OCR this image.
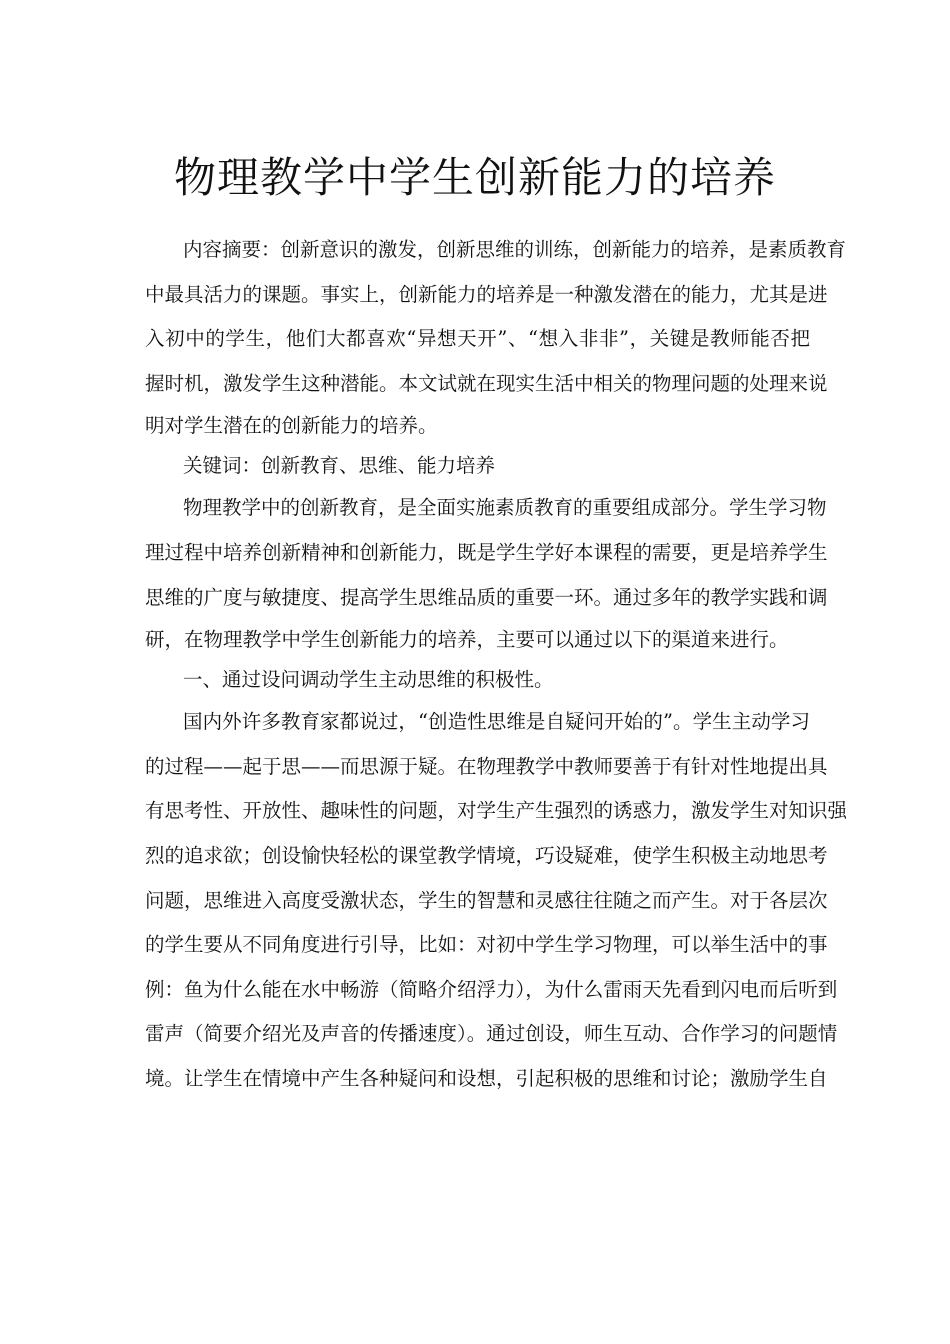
物理教学中学生创新能力的培养
内容摘要：创新意识的激发，创新思维的训练，创新能力的培养，是素质教育
中最具活力的课题。事实上，创新能力的培养是一种激发潜在的能力，尤其是进
入初中的学生，他们大都喜欢“异想天开”、“想入非非”，关键是教师能否把
握时机，激发学生这种潜能。本文试就在现实生活中相关的物理问题的处理来说
明对学生潜在的创新能力的培养。
关键词：创新教育、思维、能力培养
物理教学中的创新教育，是全面实施素质教育的重要组成部分。学生学习物
理过程中培养创新精神和创新能力，既是学生学好本课程的需要，更是培养学生
思维的广度与敏捷度、提高学生思维品质的重要一环。通过多年的教学实践和调
研，在物理教学中学生创新能力的培养，主要可以通过以下的渠道来进行。
一、通过设问调动学生主动思维的积极性。
国内外许多教育家都说过，“创造性思维是自疑问开始的”。学生主动学习
的过程——起于思——而思源于疑。在物理教学中教师要善于有针对性地提出具
有思考性、开放性、趣味性的问题，对学生产生强烈的诱惑力，激发学生对知识强
烈的追求欲；创设愉快轻松的课堂教学情境，巧设疑难，使学生积极主动地思考
问题，思维进入高度受激状态，学生的智慧和灵感往往随之而产生。对于各层次
的学生要从不同角度进行引导，比如：对初中学生学习物理，可以举生活中的事
例：鱼为什么能在水中畅游（简略介绍浮力），为什么雷雨天先看到闪电而后听到
雷声（简要介绍光及声音的传播速度）。通过创设，师生互动、合作学习的问题情
境。让学生在情境中产生各种疑问和设想，引起积极的思维和讨论；激励学生自
